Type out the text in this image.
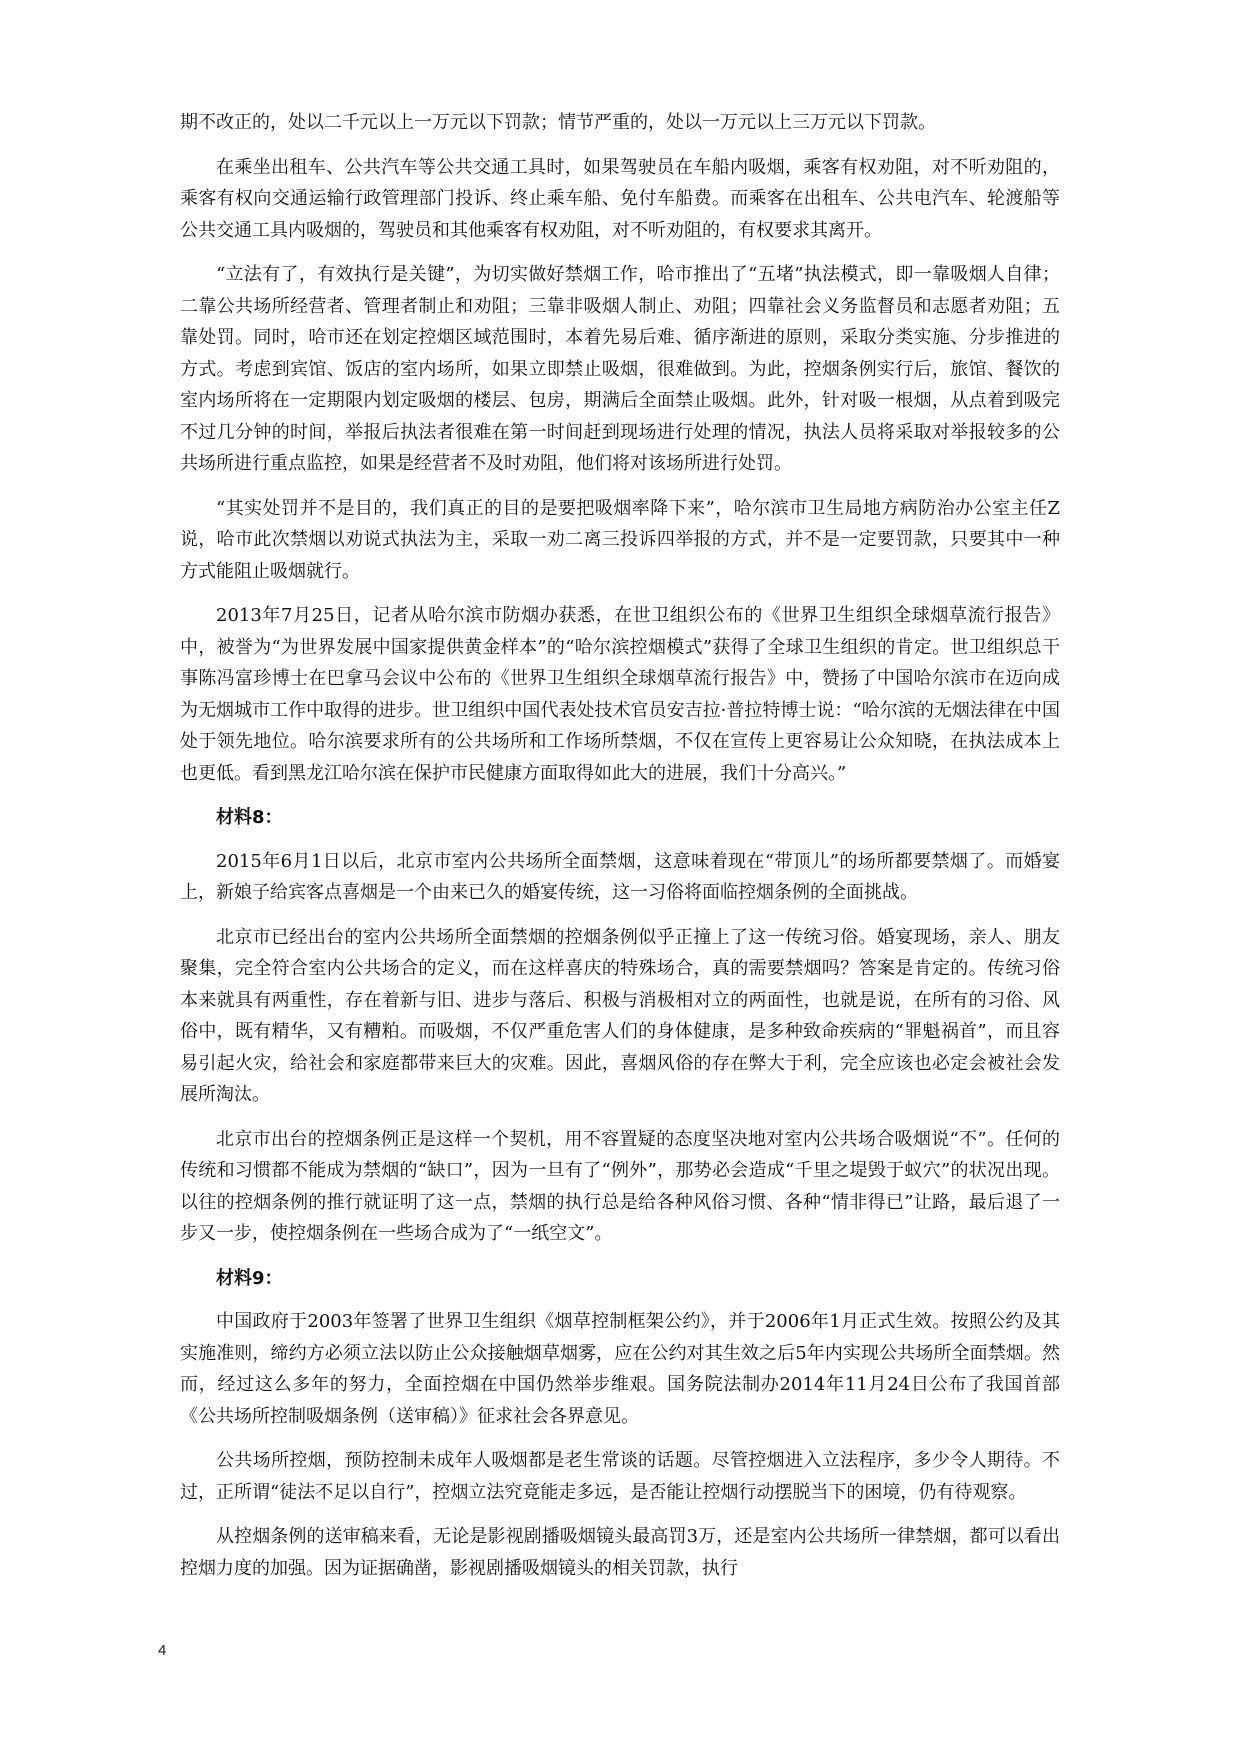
期不改正的，处以二千元以上一万元以下罚款；情节严重的，处以一万元以上三万元以下罚款。

在乘坐出租车、公共汽车等公共交通工具时，如果驾驶员在车船内吸烟，乘客有权劝阻，对不听劝阻的，乘客有权向交通运输行政管理部门投诉、终止乘车船、免付车船费。而乘客在出租车、公共电汽车、轮渡船等公共交通工具内吸烟的，驾驶员和其他乘客有权劝阻，对不听劝阻的，有权要求其离开。

“立法有了，有效执行是关键”，为切实做好禁烟工作，哈市推出了“五堵”执法模式，即一靠吸烟人自律；二靠公共场所经营者、管理者制止和劝阻；三靠非吸烟人制止、劝阻；四靠社会义务监督员和志愿者劝阻；五靠处罚。同时，哈市还在划定控烟区域范围时，本着先易后难、循序渐进的原则，采取分类实施、分步推进的方式。考虑到宾馆、饭店的室内场所，如果立即禁止吸烟，很难做到。为此，控烟条例实行后，旅馆、餐饮的室内场所将在一定期限内划定吸烟的楼层、包房，期满后全面禁止吸烟。此外，针对吸一根烟，从点着到吸完不过几分钟的时间，举报后执法者很难在第一时间赶到现场进行处理的情况，执法人员将采取对举报较多的公共场所进行重点监控，如果是经营者不及时劝阻，他们将对该场所进行处罚。

“其实处罚并不是目的，我们真正的目的是要把吸烟率降下来”，哈尔滨市卫生局地方病防治办公室主任Z说，哈市此次禁烟以劝说式执法为主，采取一劝二离三投诉四举报的方式，并不是一定要罚款，只要其中一种方式能阻止吸烟就行。

2013年7月25日，记者从哈尔滨市防烟办获悉，在世卫组织公布的《世界卫生组织全球烟草流行报告》中，被誉为“为世界发展中国家提供黄金样本”的“哈尔滨控烟模式”获得了全球卫生组织的肯定。世卫组织总干事陈冯富珍博士在巴拿马会议中公布的《世界卫生组织全球烟草流行报告》中，赞扬了中国哈尔滨市在迈向成为无烟城市工作中取得的进步。世卫组织中国代表处技术官员安吉拉·普拉特博士说：“哈尔滨的无烟法律在中国处于领先地位。哈尔滨要求所有的公共场所和工作场所禁烟，不仅在宣传上更容易让公众知晓，在执法成本上也更低。看到黑龙江哈尔滨在保护市民健康方面取得如此大的进展，我们十分高兴。”

材料8：

2015年6月1日以后，北京市室内公共场所全面禁烟，这意味着现在“带顶儿”的场所都要禁烟了。而婚宴上，新娘子给宾客点喜烟是一个由来已久的婚宴传统，这一习俗将面临控烟条例的全面挑战。

北京市已经出台的室内公共场所全面禁烟的控烟条例似乎正撞上了这一传统习俗。婚宴现场，亲人、朋友聚集，完全符合室内公共场合的定义，而在这样喜庆的特殊场合，真的需要禁烟吗？答案是肯定的。传统习俗本来就具有两重性，存在着新与旧、进步与落后、积极与消极相对立的两面性，也就是说，在所有的习俗、风俗中，既有精华，又有糟粕。而吸烟，不仅严重危害人们的身体健康，是多种致命疾病的“罪魁祸首”，而且容易引起火灾，给社会和家庭都带来巨大的灾难。因此，喜烟风俗的存在弊大于利，完全应该也必定会被社会发展所淘汰。

北京市出台的控烟条例正是这样一个契机，用不容置疑的态度坚决地对室内公共场合吸烟说“不”。任何的传统和习惯都不能成为禁烟的“缺口”，因为一旦有了“例外”，那势必会造成“千里之堤毁于蚁穴”的状况出现。以往的控烟条例的推行就证明了这一点，禁烟的执行总是给各种风俗习惯、各种“情非得已”让路，最后退了一步又一步，使控烟条例在一些场合成为了“一纸空文”。

材料9：

中国政府于2003年签署了世界卫生组织《烟草控制框架公约》，并于2006年1月正式生效。按照公约及其实施准则，缔约方必须立法以防止公众接触烟草烟雾，应在公约对其生效之后5年内实现公共场所全面禁烟。然而，经过这么多年的努力，全面控烟在中国仍然举步维艰。国务院法制办2014年11月24日公布了我国首部《公共场所控制吸烟条例（送审稿）》征求社会各界意见。

公共场所控烟，预防控制未成年人吸烟都是老生常谈的话题。尽管控烟进入立法程序，多少令人期待。不过，正所谓“徒法不足以自行”，控烟立法究竟能走多远，是否能让控烟行动摆脱当下的困境，仍有待观察。

从控烟条例的送审稿来看，无论是影视剧播吸烟镜头最高罚3万，还是室内公共场所一律禁烟，都可以看出控烟力度的加强。因为证据确凿，影视剧播吸烟镜头的相关罚款，执行

4
